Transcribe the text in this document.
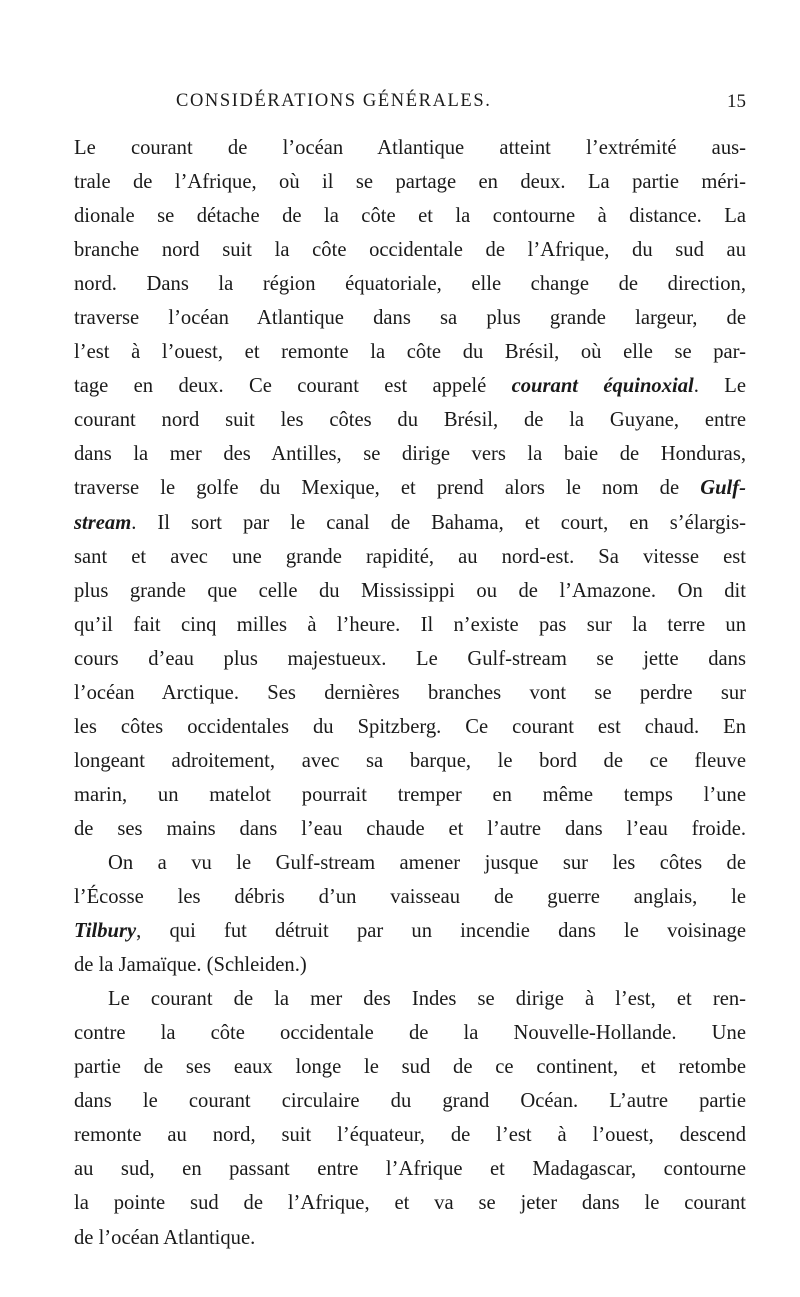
CONSIDÉRATIONS GÉNÉRALES.	15
Le courant de l’océan Atlantique atteint l’extrémité aus-
trale de l’Afrique, où il se partage en deux. La partie méri-
dionale se détache de la côte et la contourne à distance. La
branche nord suit la côte occidentale de l’Afrique, du sud au
nord. Dans la région équatoriale, elle change de direction,
traverse l’océan Atlantique dans sa plus grande largeur, de
l’est à l’ouest, et remonte la côte du Brésil, où elle se par-
tage en deux. Ce courant est appelé courant équinoxial. Le
courant nord suit les côtes du Brésil, de la Guyane, entre
dans la mer des Antilles, se dirige vers la baie de Honduras,
traverse le golfe du Mexique, et prend alors le nom de Gulf-
stream. Il sort par le canal de Bahama, et court, en s’élargis-
sant et avec une grande rapidité, au nord-est. Sa vitesse est
plus grande que celle du Mississippi ou de l’Amazone. On dit
qu’il fait cinq milles à l’heure. Il n’existe pas sur la terre un
cours d’eau plus majestueux. Le Gulf-stream se jette dans
l’océan Arctique. Ses dernières branches vont se perdre sur
les côtes occidentales du Spitzberg. Ce courant est chaud. En
longeant adroitement, avec sa barque, le bord de ce fleuve
marin, un matelot pourrait tremper en même temps l’une
de ses mains dans l’eau chaude et l’autre dans l’eau froide.
On a vu le Gulf-stream amener jusque sur les côtes de
l’Écosse les débris d’un vaisseau de guerre anglais, le
Tilbury, qui fut détruit par un incendie dans le voisinage
de la Jamaïque. (Schleiden.)
Le courant de la mer des Indes se dirige à l’est, et ren-
contre la côte occidentale de la Nouvelle-Hollande. Une
partie de ses eaux longe le sud de ce continent, et retombe
dans le courant circulaire du grand Océan. L’autre partie
remonte au nord, suit l’équateur, de l’est à l’ouest, descend
au sud, en passant entre l’Afrique et Madagascar, contourne
la pointe sud de l’Afrique, et va se jeter dans le courant
de l’océan Atlantique.
